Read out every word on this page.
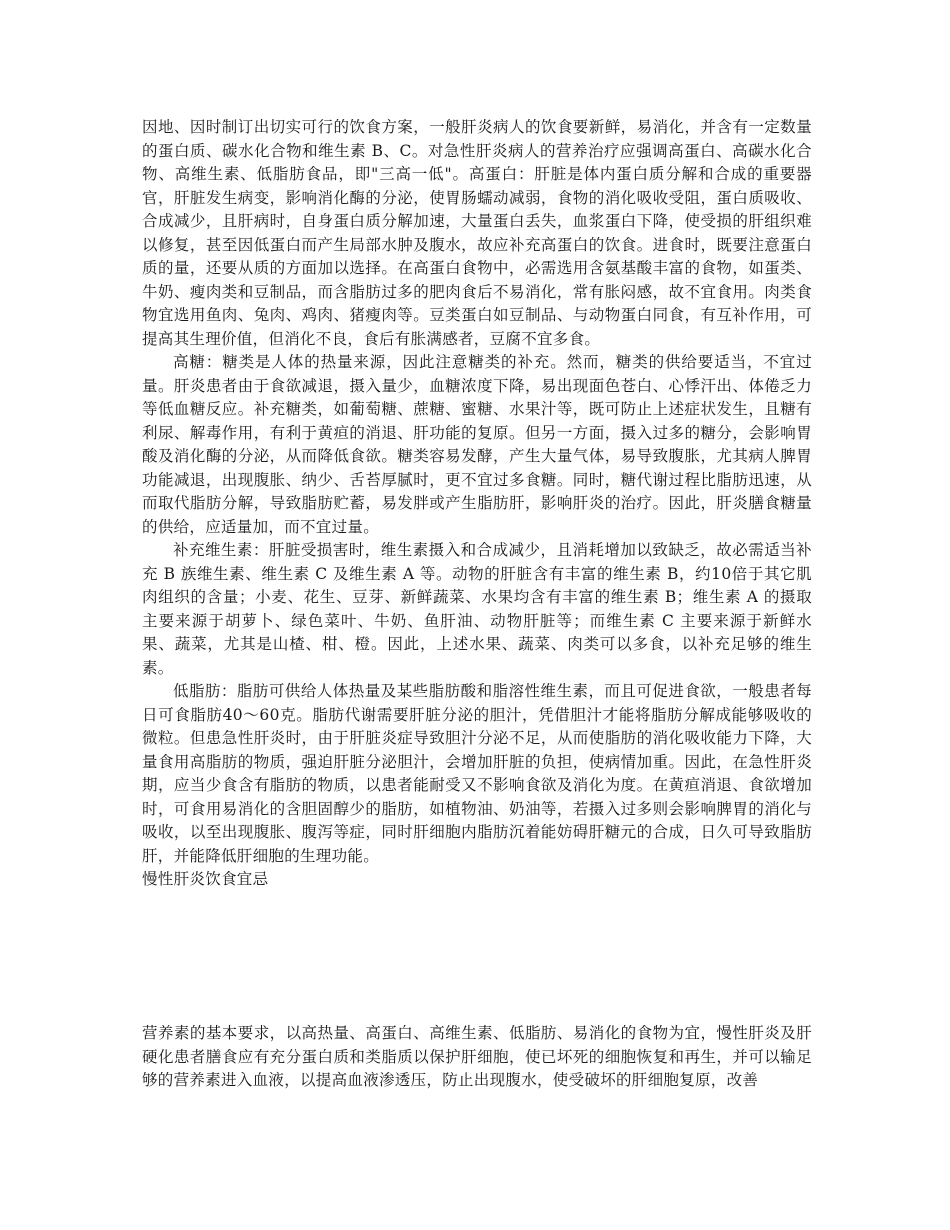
因地、因时制订出切实可行的饮食方案，一般肝炎病人的饮食要新鲜，易消化，并含有一定数量的蛋白质、碳水化合物和维生素 B、C。对急性肝炎病人的营养治疗应强调高蛋白、高碳水化合物、高维生素、低脂肪食品，即"三高一低"。高蛋白：肝脏是体内蛋白质分解和合成的重要器官，肝脏发生病变，影响消化酶的分泌，使胃肠蠕动减弱，食物的消化吸收受阻，蛋白质吸收、合成减少，且肝病时，自身蛋白质分解加速，大量蛋白丢失，血浆蛋白下降，使受损的肝组织难以修复，甚至因低蛋白而产生局部水肿及腹水，故应补充高蛋白的饮食。进食时，既要注意蛋白质的量，还要从质的方面加以选择。在高蛋白食物中，必需选用含氨基酸丰富的食物，如蛋类、牛奶、瘦肉类和豆制品，而含脂肪过多的肥肉食后不易消化，常有胀闷感，故不宜食用。肉类食物宜选用鱼肉、兔肉、鸡肉、猪瘦肉等。豆类蛋白如豆制品、与动物蛋白同食，有互补作用，可提高其生理价值，但消化不良，食后有胀满感者，豆腐不宜多食。

高糖：糖类是人体的热量来源，因此注意糖类的补充。然而，糖类的供给要适当，不宜过量。肝炎患者由于食欲减退，摄入量少，血糖浓度下降，易出现面色苍白、心悸汗出、体倦乏力等低血糖反应。补充糖类，如葡萄糖、蔗糖、蜜糖、水果汁等，既可防止上述症状发生，且糖有利尿、解毒作用，有利于黄疸的消退、肝功能的复原。但另一方面，摄入过多的糖分，会影响胃酸及消化酶的分泌，从而降低食欲。糖类容易发酵，产生大量气体，易导致腹胀，尤其病人脾胃功能减退，出现腹胀、纳少、舌苔厚腻时，更不宜过多食糖。同时，糖代谢过程比脂肪迅速，从而取代脂肪分解，导致脂肪贮蓄，易发胖或产生脂肪肝，影响肝炎的治疗。因此，肝炎膳食糖量的供给，应适量加，而不宜过量。

补充维生素：肝脏受损害时，维生素摄入和合成减少，且消耗增加以致缺乏，故必需适当补充 B 族维生素、维生素 C 及维生素 A 等。动物的肝脏含有丰富的维生素 B，约10倍于其它肌肉组织的含量；小麦、花生、豆芽、新鲜蔬菜、水果均含有丰富的维生素 B；维生素 A 的摄取主要来源于胡萝卜、绿色菜叶、牛奶、鱼肝油、动物肝脏等；而维生素 C 主要来源于新鲜水果、蔬菜，尤其是山楂、柑、橙。因此，上述水果、蔬菜、肉类可以多食，以补充足够的维生素。

低脂肪：脂肪可供给人体热量及某些脂肪酸和脂溶性维生素，而且可促进食欲，一般患者每日可食脂肪40～60克。脂肪代谢需要肝脏分泌的胆汁，凭借胆汁才能将脂肪分解成能够吸收的微粒。但患急性肝炎时，由于肝脏炎症导致胆汁分泌不足，从而使脂肪的消化吸收能力下降，大量食用高脂肪的物质，强迫肝脏分泌胆汁，会增加肝脏的负担，使病情加重。因此，在急性肝炎期，应当少食含有脂肪的物质，以患者能耐受又不影响食欲及消化为度。在黄疸消退、食欲增加时，可食用易消化的含胆固醇少的脂肪，如植物油、奶油等，若摄入过多则会影响脾胃的消化与吸收，以至出现腹胀、腹泻等症，同时肝细胞内脂肪沉着能妨碍肝糖元的合成，日久可导致脂肪肝，并能降低肝细胞的生理功能。

慢性肝炎饮食宜忌

营养素的基本要求，以高热量、高蛋白、高维生素、低脂肪、易消化的食物为宜，慢性肝炎及肝硬化患者膳食应有充分蛋白质和类脂质以保护肝细胞，使已坏死的细胞恢复和再生，并可以输足够的营养素进入血液，以提高血液渗透压，防止出现腹水，使受破坏的肝细胞复原，改善
